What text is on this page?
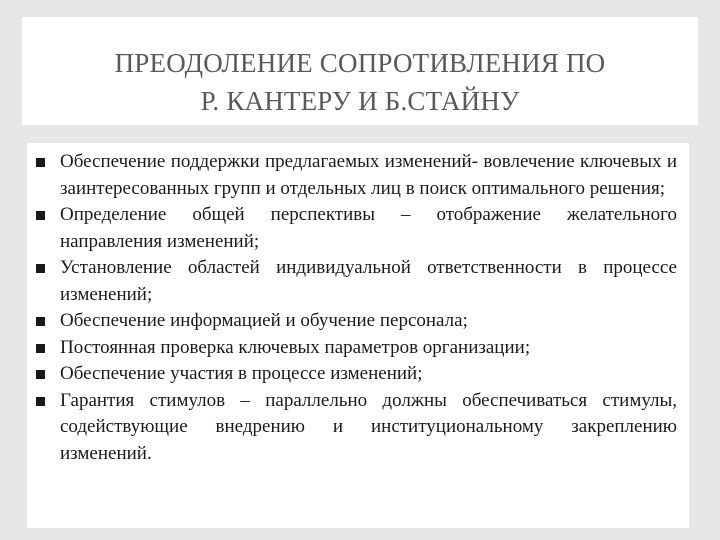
ПРЕОДОЛЕНИЕ СОПРОТИВЛЕНИЯ ПО
Р. КАНТЕРУ И Б.СТАЙНУ
Обеспечение поддержки предлагаемых изменений- вовлечение ключевых и заинтересованных групп и отдельных лиц в поиск оптимального решения;
Определение общей перспективы – отображение желательного направления изменений;
Установление областей индивидуальной ответственности в процессе изменений;
Обеспечение информацией и обучение персонала;
Постоянная проверка ключевых параметров организации;
Обеспечение участия в процессе изменений;
Гарантия стимулов – параллельно должны обеспечиваться стимулы, содействующие внедрению и институциональному закреплению изменений.
